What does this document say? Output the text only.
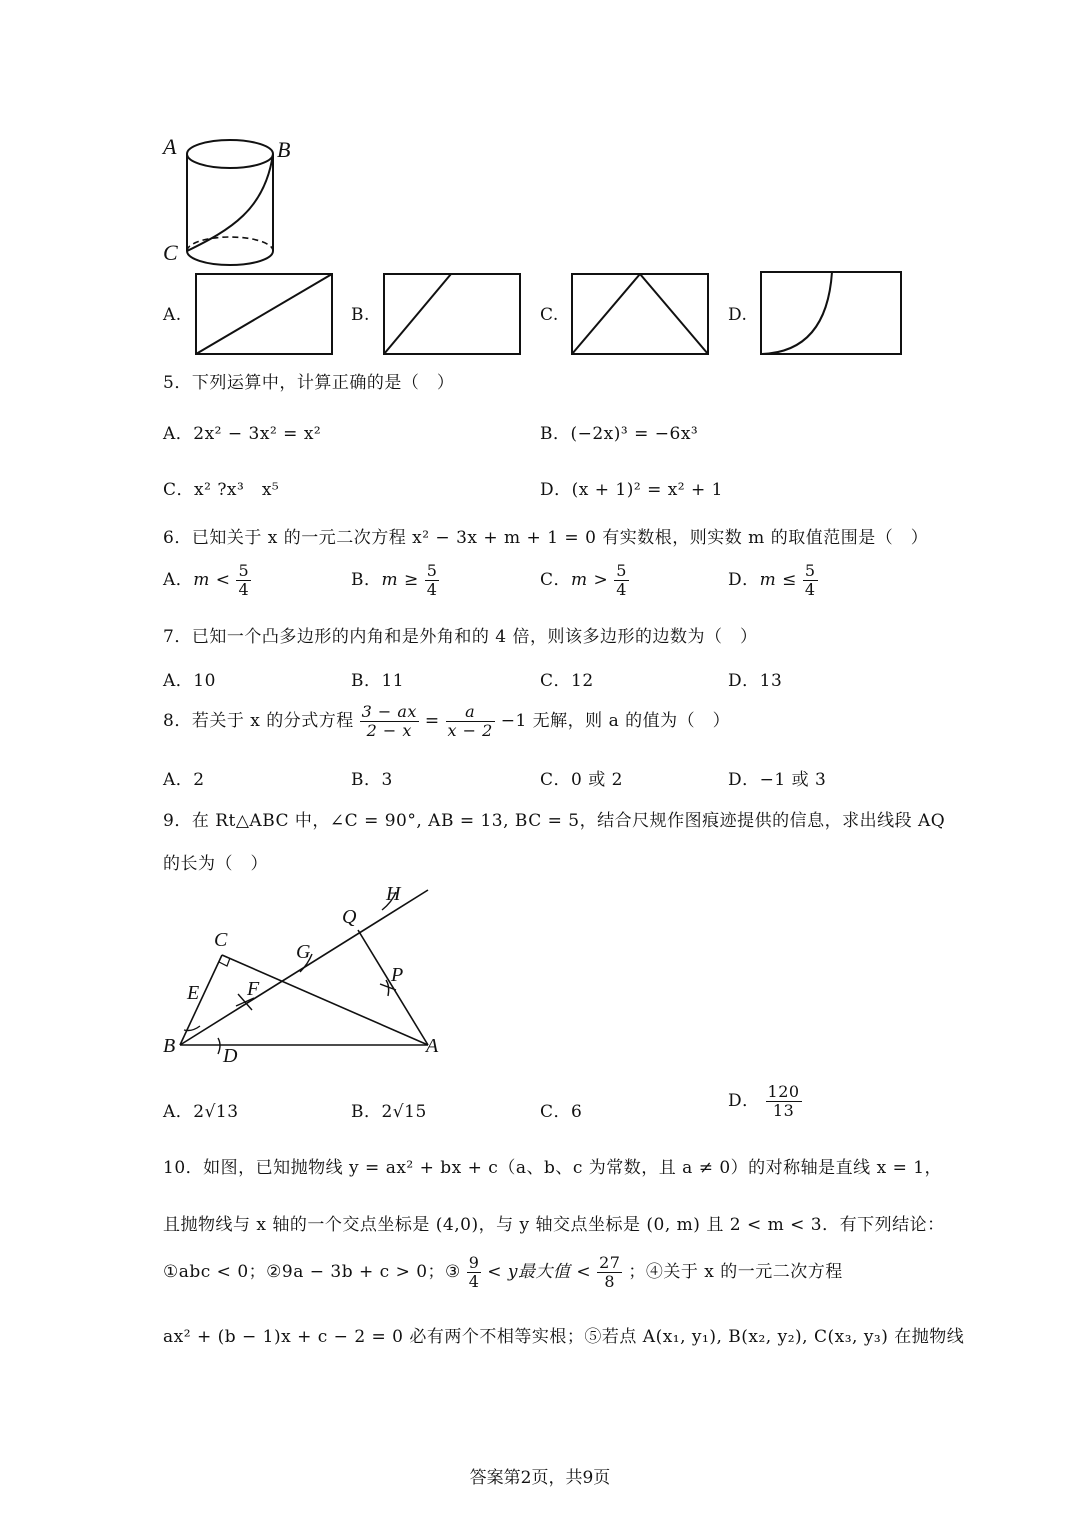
A	B
C
A.	B.	C.	D.
5．下列运算中，计算正确的是（　）
A．2x² − 3x² = x²	B．(−2x)³ = −6x³
C．x² ?x³　x⁵	D．(x + 1)² = x² + 1
6．已知关于 x 的一元二次方程 x² − 3x + m + 1 = 0 有实数根，则实数 m 的取值范围是（　）
A．$m < \frac{5}{4}$	B．$m \ge \frac{5}{4}$	C．$m > \frac{5}{4}$	D．$m \le \frac{5}{4}$
7．已知一个凸多边形的内角和是外角和的 4 倍，则该多边形的边数为（　）
A．10	B．11	C．12	D．13
8．若关于 x 的分式方程 $\frac{3 - ax}{2 - x} = \frac{a}{x - 2} -1$ 无解，则 a 的值为（　）
A．2	B．3	C．0 或 2	D．−1 或 3
9．在 Rt△ABC 中，∠C = 90°, AB = 13, BC = 5，结合尺规作图痕迹提供的信息，求出线段 AQ
的长为（　）
H
Q
C
G
P
E F
B D	A
A．2√13	B．2√15	C．6
D． $\frac{120}{13}$
10．如图，已知抛物线 y = ax² + bx + c（a、b、c 为常数，且 a ≠ 0）的对称轴是直线 x = 1，
且抛物线与 x 轴的一个交点坐标是 (4,0)，与 y 轴交点坐标是 (0, m) 且 2 < m < 3．有下列结论：
①abc < 0；②9a − 3b + c > 0；③ $\frac{9}{4} < y$最大值 < $\frac{27}{8}$ ；④关于 x 的一元二次方程
ax² + (b − 1)x + c − 2 = 0 必有两个不相等实根；⑤若点 A(x₁, y₁), B(x₂, y₂), C(x₃, y₃) 在抛物线
答案第2页，共9页
